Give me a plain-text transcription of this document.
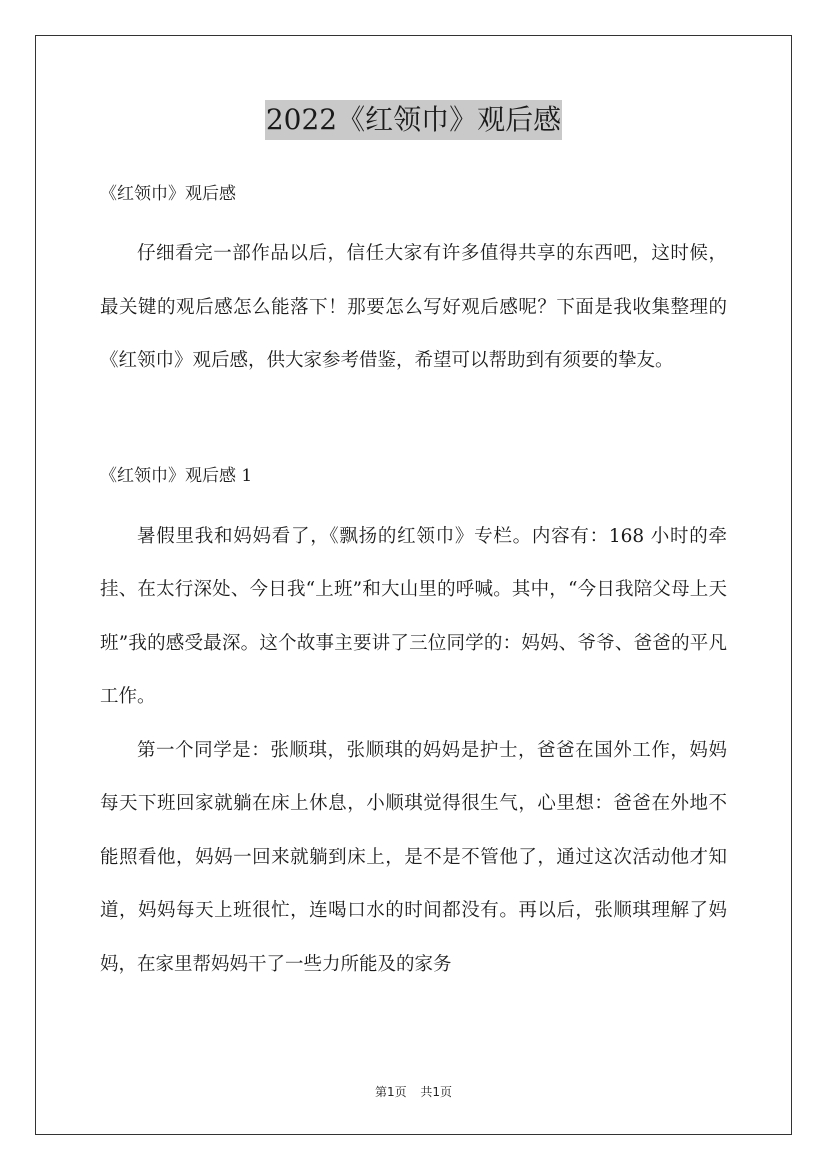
2022《红领巾》观后感

《红领巾》观后感

仔细看完一部作品以后，信任大家有许多值得共享的东西吧，这时候，最关键的观后感怎么能落下！那要怎么写好观后感呢？下面是我收集整理的《红领巾》观后感，供大家参考借鉴，希望可以帮助到有须要的挚友。

《红领巾》观后感 1

暑假里我和妈妈看了，《飘扬的红领巾》专栏。内容有：168 小时的牵挂、在太行深处、今日我“上班”和大山里的呼喊。其中，“今日我陪父母上天班”我的感受最深。这个故事主要讲了三位同学的：妈妈、爷爷、爸爸的平凡工作。

第一个同学是：张顺琪，张顺琪的妈妈是护士，爸爸在国外工作，妈妈每天下班回家就躺在床上休息，小顺琪觉得很生气，心里想：爸爸在外地不能照看他，妈妈一回来就躺到床上，是不是不管他了，通过这次活动他才知道，妈妈每天上班很忙，连喝口水的时间都没有。再以后，张顺琪理解了妈妈，在家里帮妈妈干了一些力所能及的家务

第1页 共1页
